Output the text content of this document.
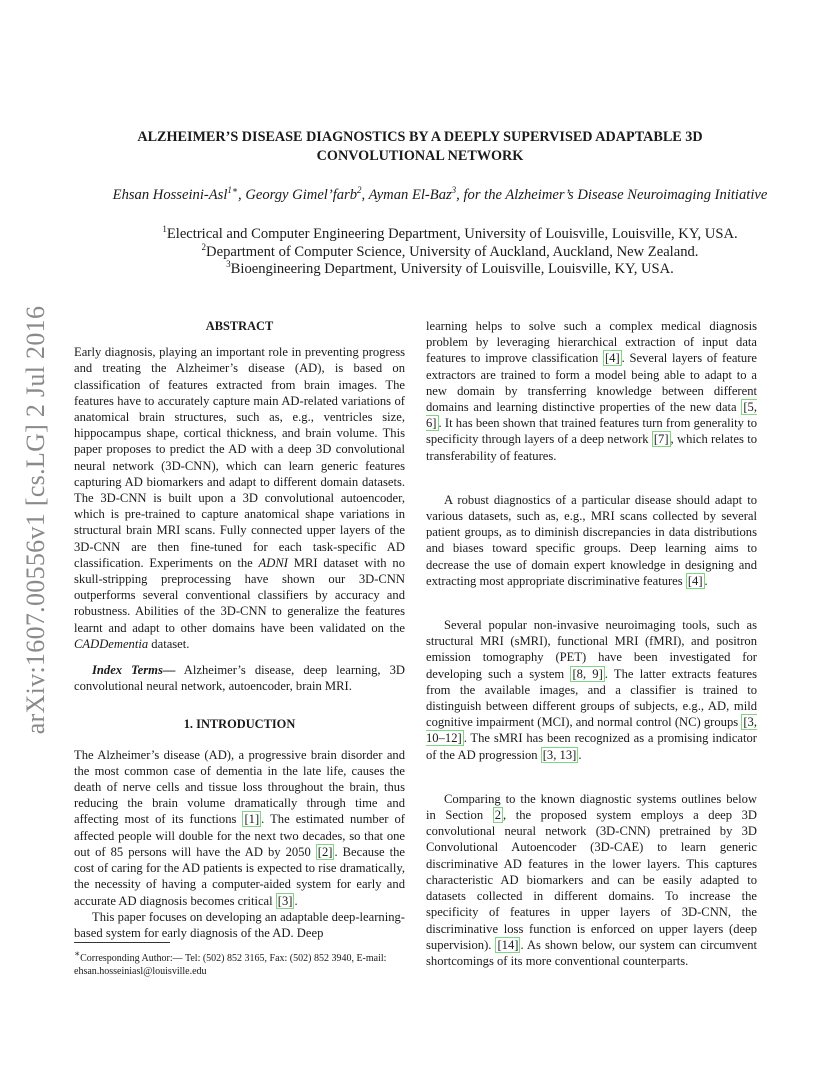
arXiv:1607.00556v1 [cs.LG] 2 Jul 2016
ALZHEIMER’S DISEASE DIAGNOSTICS BY A DEEPLY SUPERVISED ADAPTABLE 3D
CONVOLUTIONAL NETWORK
Ehsan Hosseini-Asl$^{1∗}$, Georgy Gimel’farb$^2$, Ayman El-Baz$^3$, for the Alzheimer’s Disease Neuroimaging Initiative
$^1$Electrical and Computer Engineering Department, University of Louisville, Louisville, KY, USA.
$^2$Department of Computer Science, University of Auckland, Auckland, New Zealand.
$^3$Bioengineering Department, University of Louisville, Louisville, KY, USA.
ABSTRACT

Early diagnosis, playing an important role in preventing progress and treating the Alzheimer’s disease (AD), is based on classification of features extracted from brain images. The features have to accurately capture main AD-related variations of anatomical brain structures, such as, e.g., ventricles size, hippocampus shape, cortical thickness, and brain volume. This paper proposes to predict the AD with a deep 3D convolutional neural network (3D-CNN), which can learn generic features capturing AD biomarkers and adapt to different domain datasets. The 3D-CNN is built upon a 3D convolutional autoencoder, which is pre-trained to capture anatomical shape variations in structural brain MRI scans. Fully connected upper layers of the 3D-CNN are then fine-tuned for each task-specific AD classification. Experiments on the ADNI MRI dataset with no skull-stripping preprocessing have shown our 3D-CNN outperforms several conventional classifiers by accuracy and robustness. Abilities of the 3D-CNN to generalize the features learnt and adapt to other domains have been validated on the CADDementia dataset.

Index Terms— Alzheimer’s disease, deep learning, 3D convolutional neural network, autoencoder, brain MRI.

1. INTRODUCTION

The Alzheimer’s disease (AD), a progressive brain disorder and the most common case of dementia in the late life, causes the death of nerve cells and tissue loss throughout the brain, thus reducing the brain volume dramatically through time and affecting most of its functions [1] . The estimated number of affected people will double for the next two decades, so that one out of 85 persons will have the AD by 2050 [2] . Because the cost of caring for the AD patients is expected to rise dramatically, the necessity of having a computer-aided system for early and accurate AD diagnosis becomes critical [3] .

This paper focuses on developing an adaptable deep-learning-based system for early diagnosis of the AD. Deep

∗Corresponding Author:— Tel: (502) 852 3165, Fax: (502) 852 3940, E-mail: ehsan.hosseiniasl@louisville.edu

learning helps to solve such a complex medical diagnosis problem by leveraging hierarchical extraction of input data features to improve classification [4] . Several layers of feature extractors are trained to form a model being able to adapt to a new domain by transferring knowledge between different domains and learning distinctive properties of the new data [5, 6] . It has been shown that trained features turn from generality to specificity through layers of a deep network [7] , which relates to transferability of features.

A robust diagnostics of a particular disease should adapt to various datasets, such as, e.g., MRI scans collected by several patient groups, as to diminish discrepancies in data distributions and biases toward specific groups. Deep learning aims to decrease the use of domain expert knowledge in designing and extracting most appropriate discriminative features [4] .

Several popular non-invasive neuroimaging tools, such as structural MRI (sMRI), functional MRI (fMRI), and positron emission tomography (PET) have been investigated for developing such a system [8, 9] . The latter extracts features from the available images, and a classifier is trained to distinguish between different groups of subjects, e.g., AD, mild cognitive impairment (MCI), and normal control (NC) groups [3, 10–12] . The sMRI has been recognized as a promising indicator of the AD progression [3, 13] .

Comparing to the known diagnostic systems outlines below in Section 2 , the proposed system employs a deep 3D convolutional neural network (3D-CNN) pretrained by 3D Convolutional Autoencoder (3D-CAE) to learn generic discriminative AD features in the lower layers. This captures characteristic AD biomarkers and can be easily adapted to datasets collected in different domains. To increase the specificity of features in upper layers of 3D-CNN, the discriminative loss function is enforced on upper layers (deep supervision). [14] . As shown below, our system can circumvent shortcomings of its more conventional counterparts.
